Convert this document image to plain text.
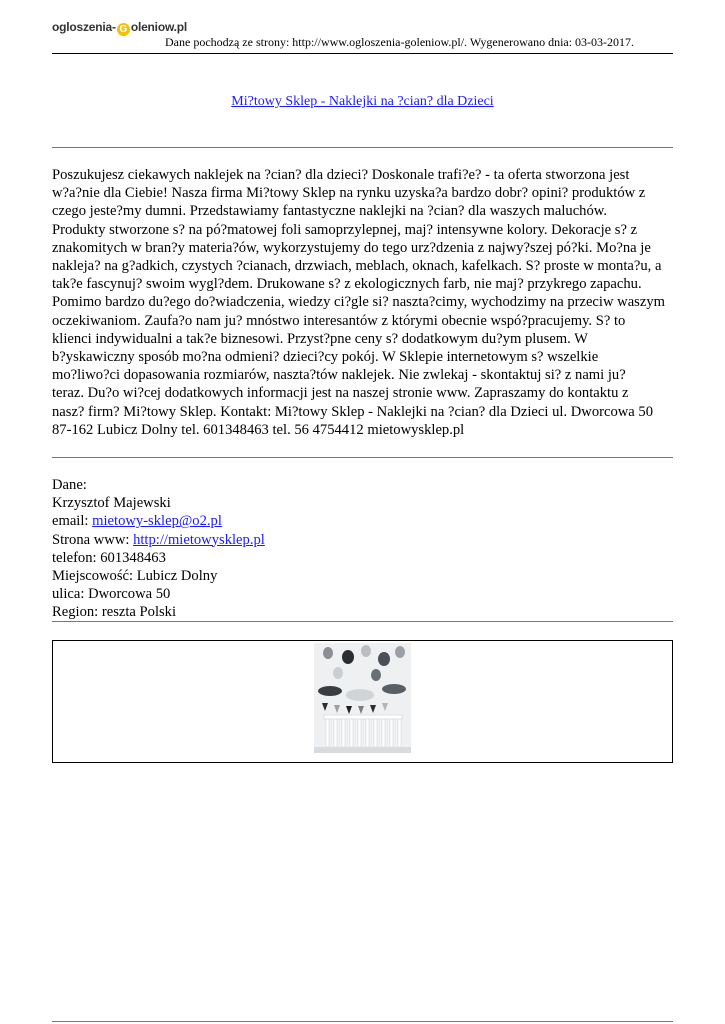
ogloszenia- G oleniow.pl
Dane pochodzą ze strony: http://www.ogloszenia-goleniow.pl/. Wygenerowano dnia: 03-03-2017.
Mi?towy Sklep - Naklejki na ?cian? dla Dzieci

Poszukujesz ciekawych naklejek na ?cian? dla dzieci? Doskonale trafi?e? - ta oferta stworzona jest

w?a?nie dla Ciebie! Nasza firma Mi?towy Sklep na rynku uzyska?a bardzo dobr? opini? produktów z

czego jeste?my dumni. Przedstawiamy fantastyczne naklejki na ?cian? dla waszych maluchów.

Produkty stworzone s? na pó?matowej foli samoprzylepnej, maj? intensywne kolory. Dekoracje s? z

znakomitych w bran?y materia?ów, wykorzystujemy do tego urz?dzenia z najwy?szej pó?ki. Mo?na je

nakleja? na g?adkich, czystych ?cianach, drzwiach, meblach, oknach, kafelkach. S? proste w monta?u, a

tak?e fascynuj? swoim wygl?dem. Drukowane s? z ekologicznych farb, nie maj? przykrego zapachu.

Pomimo bardzo du?ego do?wiadczenia, wiedzy ci?gle si? naszta?cimy, wychodzimy na przeciw waszym

oczekiwaniom. Zaufa?o nam ju? mnóstwo interesantów z którymi obecnie wspó?pracujemy. S? to

klienci indywidualni a tak?e biznesowi. Przyst?pne ceny s? dodatkowym du?ym plusem. W

b?yskawiczny sposób mo?na odmieni? dzieci?cy pokój. W Sklepie internetowym s? wszelkie

mo?liwo?ci dopasowania rozmiarów, naszta?tów naklejek. Nie zwlekaj - skontaktuj si? z nami ju?

teraz. Du?o wi?cej dodatkowych informacji jest na naszej stronie www. Zapraszamy do kontaktu z

nasz? firm? Mi?towy Sklep. Kontakt: Mi?towy Sklep - Naklejki na ?cian? dla Dzieci ul. Dworcowa 50

87-162 Lubicz Dolny tel. 601348463 tel. 56 4754412 mietowysklep.pl

Dane:
Krzysztof Majewski
email: mietowy-sklep@o2.pl
Strona www: http://mietowysklep.pl
telefon: 601348463
Miejscowość: Lubicz Dolny
ulica: Dworcowa 50
Region: reszta Polski
